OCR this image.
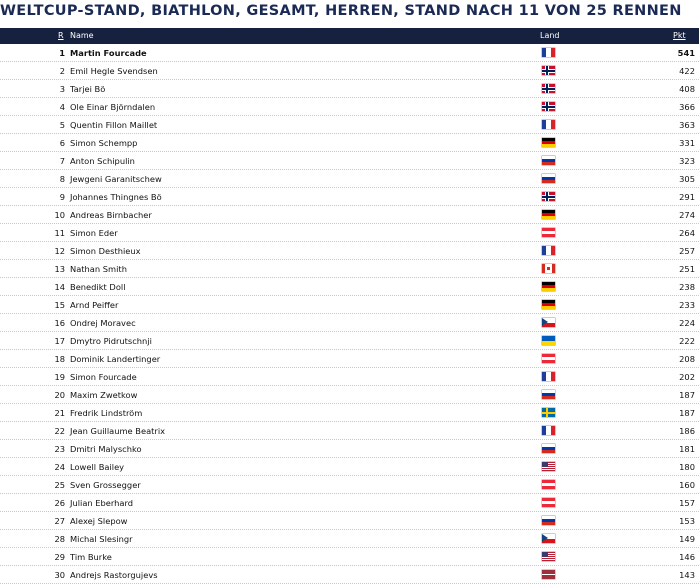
WELTCUP-STAND, BIATHLON, GESAMT, HERREN, STAND NACH 11 VON 25 RENNEN
R Name	Land	Pkt
1 Martin Fourcade	541
2 Emil Hegle Svendsen	422
3 Tarjei Bö	408
4 Ole Einar Björndalen	366
5 Quentin Fillon Maillet	363
6 Simon Schempp	331
7 Anton Schipulin	323
8 Jewgeni Garanitschew	305
9 Johannes Thingnes Bö	291
10 Andreas Birnbacher	274
11 Simon Eder	264
12 Simon Desthieux	257
13 Nathan Smith	251
14 Benedikt Doll	238
15 Arnd Peiffer	233
16 Ondrej Moravec	224
17 Dmytro Pidrutschnji	222
18 Dominik Landertinger	208
19 Simon Fourcade	202
20 Maxim Zwetkow	187
21 Fredrik Lindström	187
22 Jean Guillaume Beatrix	186
23 Dmitri Malyschko	181
24 Lowell Bailey	180
25 Sven Grossegger	160
26 Julian Eberhard	157
27 Alexej Slepow	153
28 Michal Slesingr	149
29 Tim Burke	146
30 Andrejs Rastorgujevs	143
